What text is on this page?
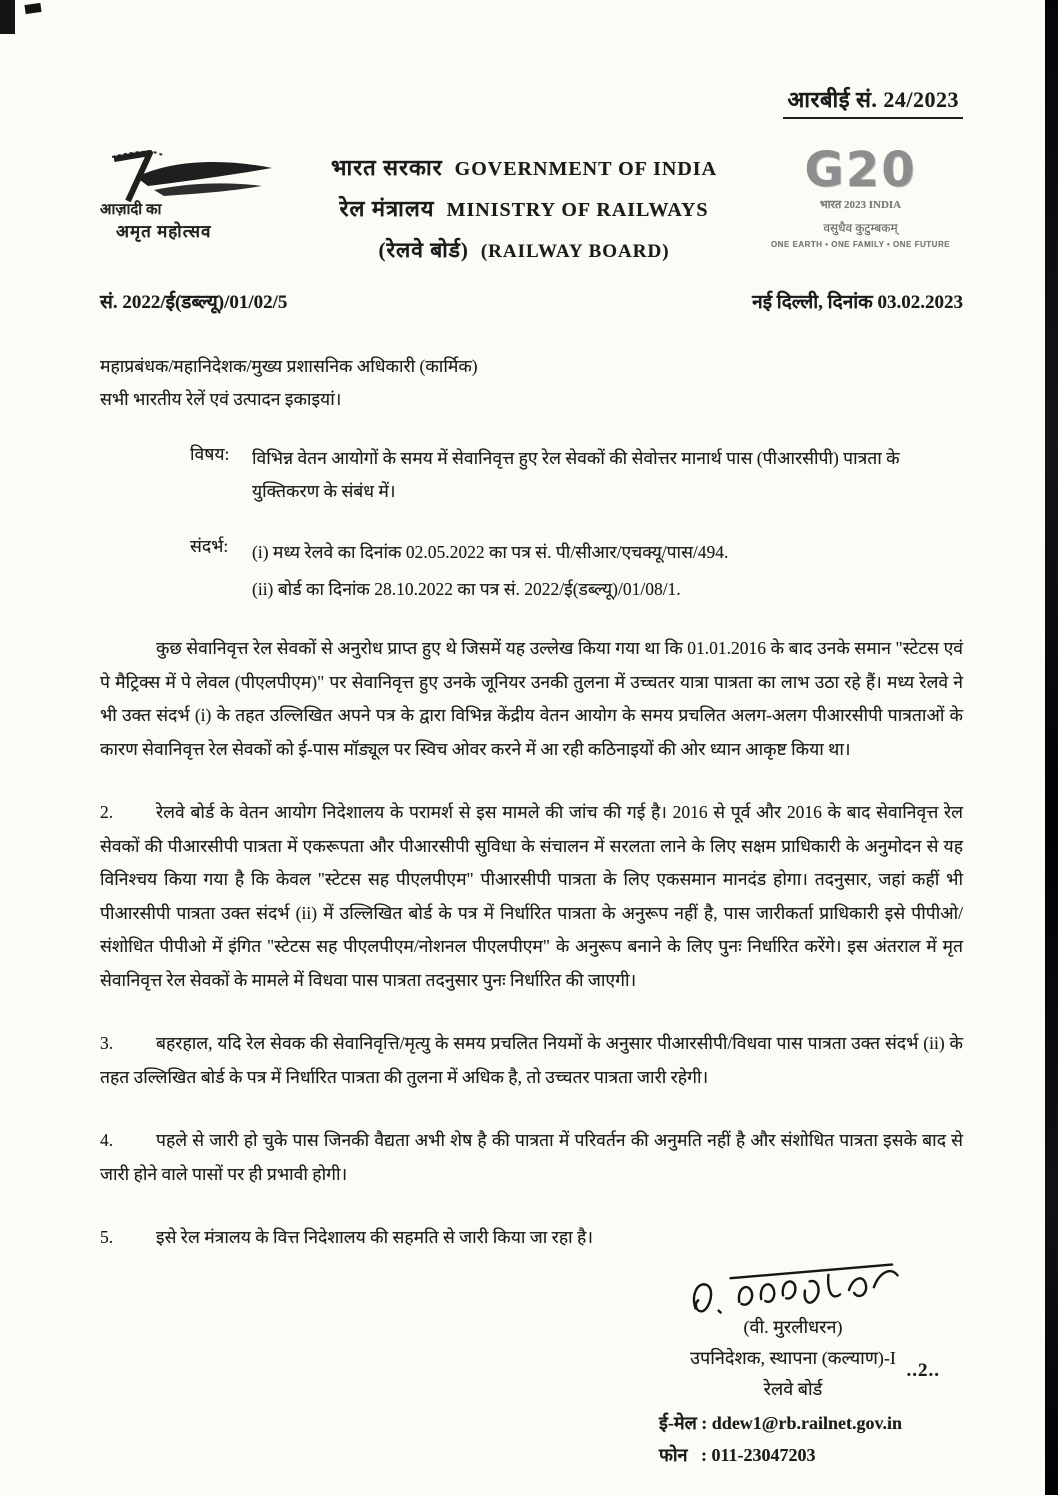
आरबीई सं. 24/2023
आज़ादी का
अमृत महोत्सव
भारत सरकार GOVERNMENT OF INDIA
रेल मंत्रालय MINISTRY OF RAILWAYS
(रेलवे बोर्ड) (RAILWAY BOARD)
G20
भारत 2023 INDIA
वसुधैव कुटुम्बकम्
ONE EARTH • ONE FAMILY • ONE FUTURE
सं. 2022/ई(डब्ल्यू)/01/02/5	नई दिल्ली, दिनांक 03.02.2023
महाप्रबंधक/महानिदेशक/मुख्य प्रशासनिक अधिकारी (कार्मिक)
सभी भारतीय रेलें एवं उत्पादन इकाइयां।
विषय:	विभिन्न वेतन आयोगों के समय में सेवानिवृत्त हुए रेल सेवकों की सेवोत्तर मानार्थ पास (पीआरसीपी) पात्रता के युक्तिकरण के संबंध में।
संदर्भ:	(i) मध्य रेलवे का दिनांक 02.05.2022 का पत्र सं. पी/सीआर/एचक्यू/पास/494.
(ii) बोर्ड का दिनांक 28.10.2022 का पत्र सं. 2022/ई(डब्ल्यू)/01/08/1.

कुछ सेवानिवृत्त रेल सेवकों से अनुरोध प्राप्त हुए थे जिसमें यह उल्लेख किया गया था कि 01.01.2016 के बाद उनके समान "स्टेटस एवं पे मैट्रिक्स में पे लेवल (पीएलपीएम)" पर सेवानिवृत्त हुए उनके जूनियर उनकी तुलना में उच्चतर यात्रा पात्रता का लाभ उठा रहे हैं। मध्य रेलवे ने भी उक्त संदर्भ (i) के तहत उल्लिखित अपने पत्र के द्वारा विभिन्न केंद्रीय वेतन आयोग के समय प्रचलित अलग-अलग पीआरसीपी पात्रताओं के कारण सेवानिवृत्त रेल सेवकों को ई-पास मॉड्यूल पर स्विच ओवर करने में आ रही कठिनाइयों की ओर ध्यान आकृष्ट किया था।

2. रेलवे बोर्ड के वेतन आयोग निदेशालय के परामर्श से इस मामले की जांच की गई है। 2016 से पूर्व और 2016 के बाद सेवानिवृत्त रेल सेवकों की पीआरसीपी पात्रता में एकरूपता और पीआरसीपी सुविधा के संचालन में सरलता लाने के लिए सक्षम प्राधिकारी के अनुमोदन से यह विनिश्चय किया गया है कि केवल "स्टेटस सह पीएलपीएम" पीआरसीपी पात्रता के लिए एकसमान मानदंड होगा। तदनुसार, जहां कहीं भी पीआरसीपी पात्रता उक्त संदर्भ (ii) में उल्लिखित बोर्ड के पत्र में निर्धारित पात्रता के अनुरूप नहीं है, पास जारीकर्ता प्राधिकारी इसे पीपीओ/संशोधित पीपीओ में इंगित "स्टेटस सह पीएलपीएम/नोशनल पीएलपीएम" के अनुरूप बनाने के लिए पुनः निर्धारित करेंगे। इस अंतराल में मृत सेवानिवृत्त रेल सेवकों के मामले में विधवा पास पात्रता तदनुसार पुनः निर्धारित की जाएगी।

3. बहरहाल, यदि रेल सेवक की सेवानिवृत्ति/मृत्यु के समय प्रचलित नियमों के अनुसार पीआरसीपी/विधवा पास पात्रता उक्त संदर्भ (ii) के तहत उल्लिखित बोर्ड के पत्र में निर्धारित पात्रता की तुलना में अधिक है, तो उच्चतर पात्रता जारी रहेगी।

4. पहले से जारी हो चुके पास जिनकी वैद्यता अभी शेष है की पात्रता में परिवर्तन की अनुमति नहीं है और संशोधित पात्रता इसके बाद से जारी होने वाले पासों पर ही प्रभावी होगी।

5. इसे रेल मंत्रालय के वित्त निदेशालय की सहमति से जारी किया जा रहा है।

(वी. मुरलीधरन)
उपनिदेशक, स्थापना (कल्याण)-I
रेलवे बोर्ड
ई-मेल : ddew1@rb.railnet.gov.in
फोन : 011-23047203
..2..
